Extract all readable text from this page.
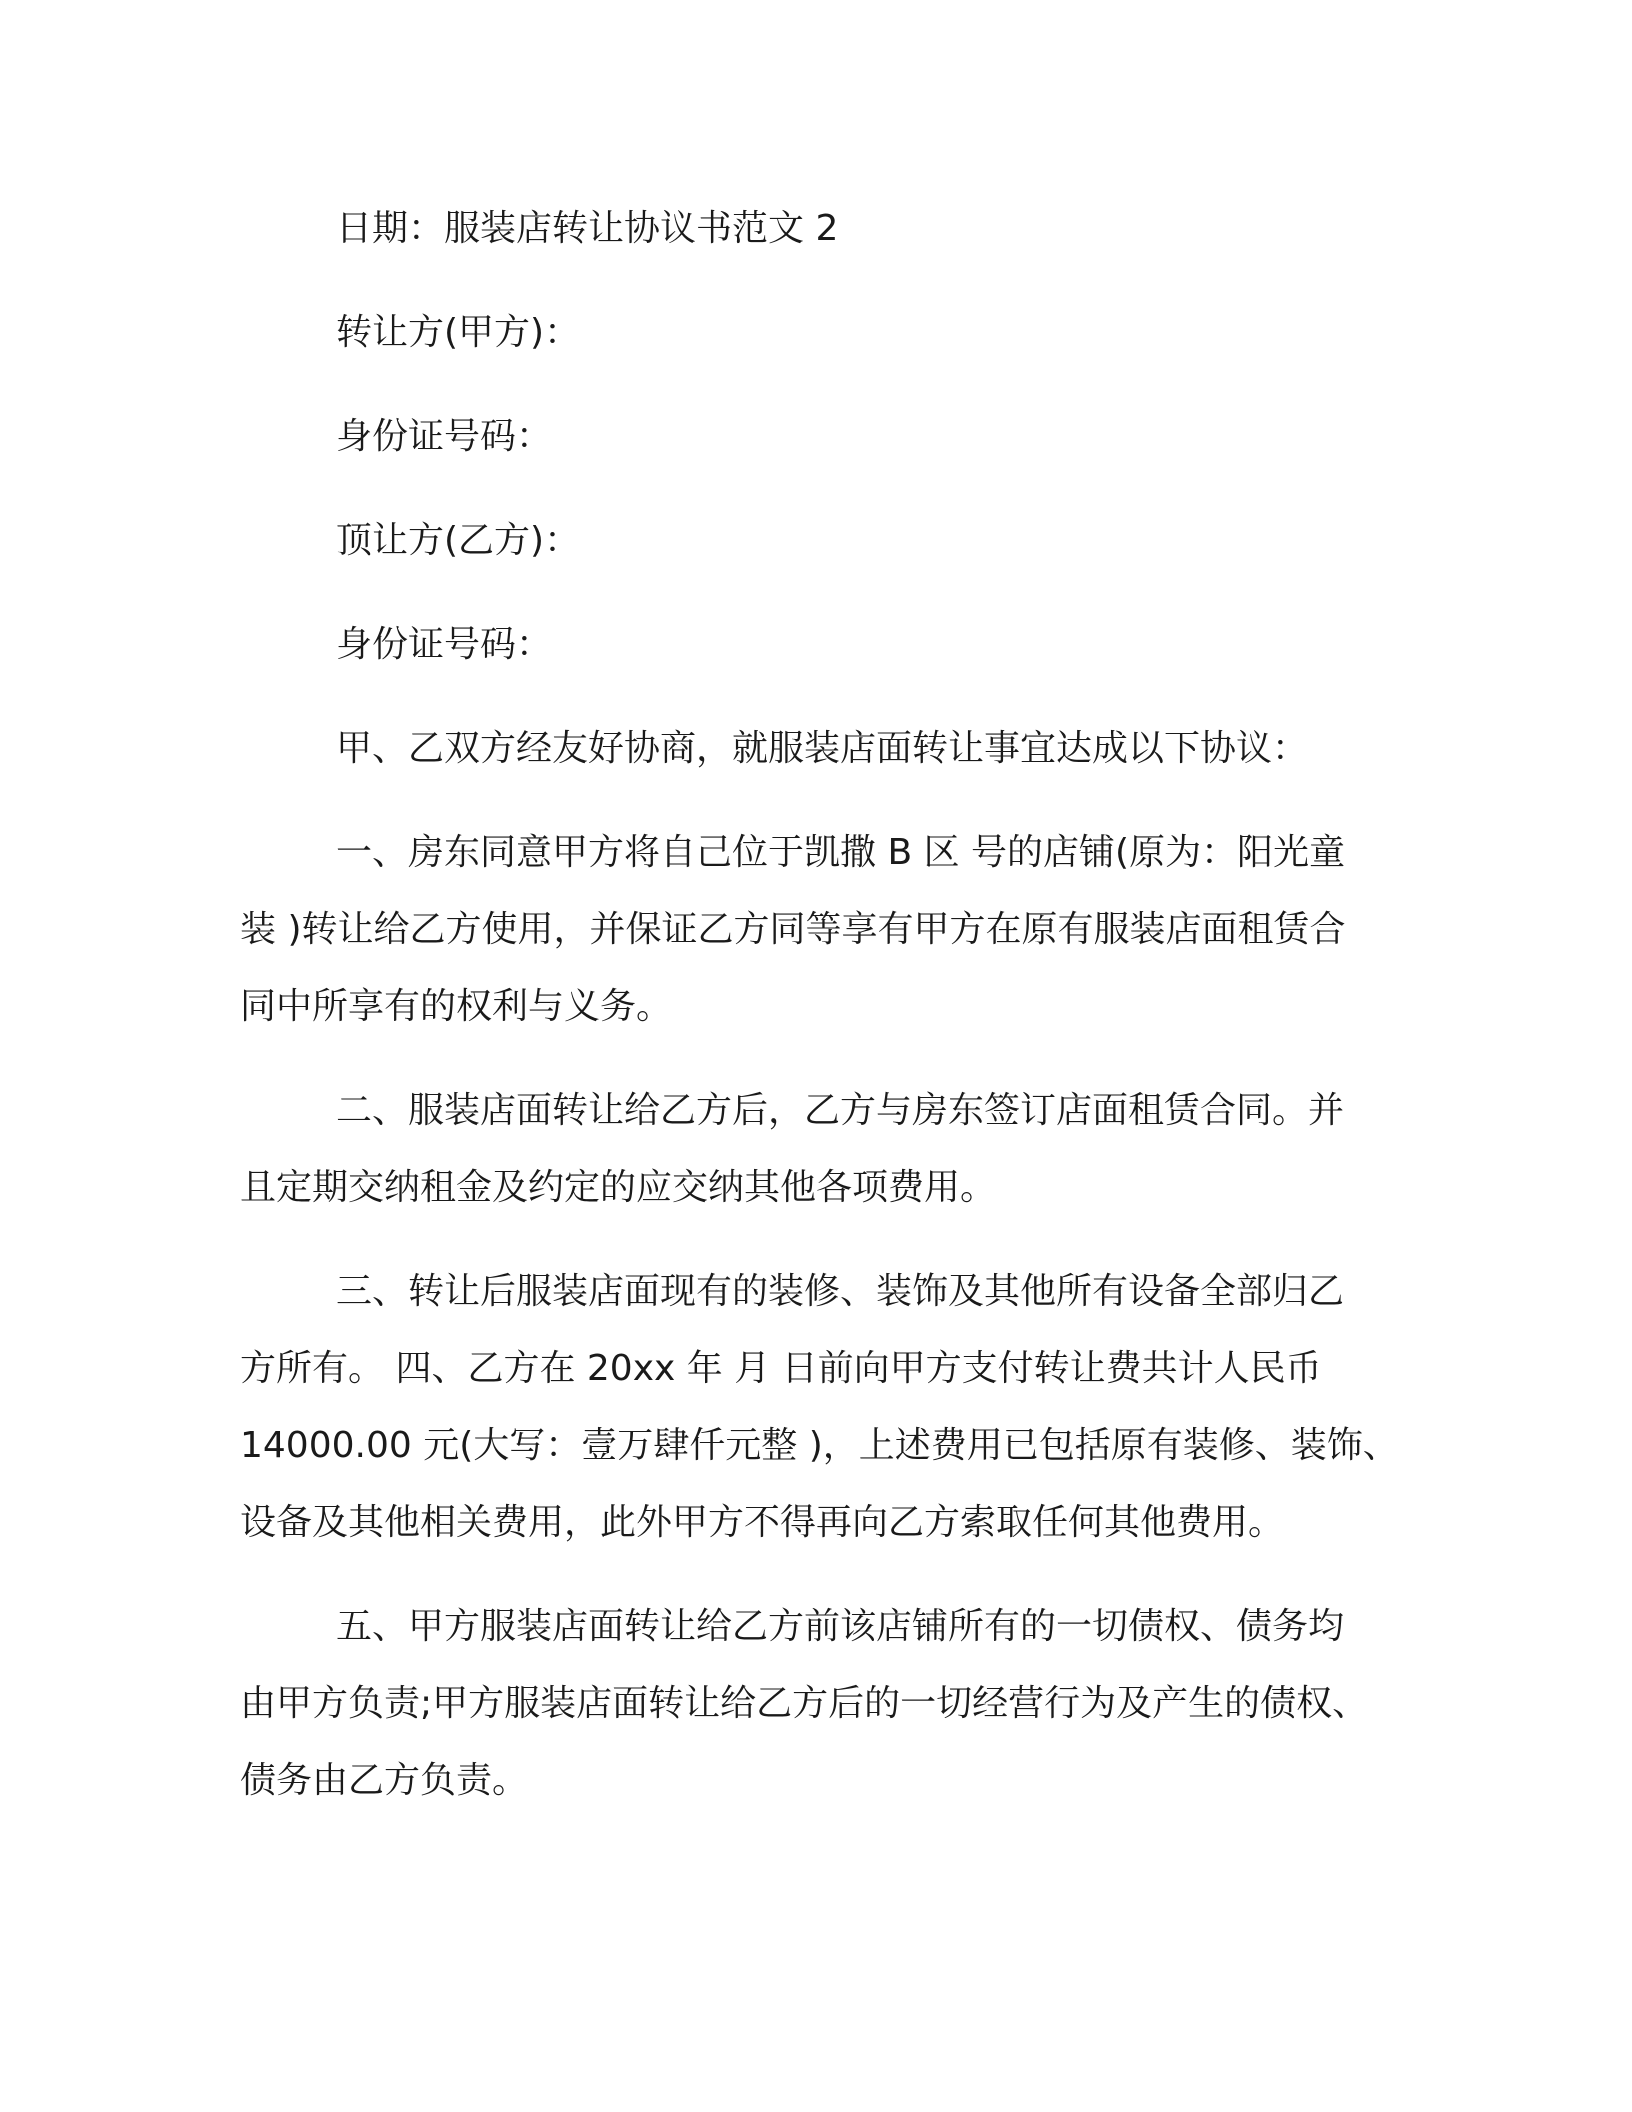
日期：服装店转让协议书范文 2

转让方(甲方)：

身份证号码：

顶让方(乙方)：

身份证号码：

甲、乙双方经友好协商，就服装店面转让事宜达成以下协议：

一、房东同意甲方将自己位于凯撒 B 区 号的店铺(原为：阳光童
装 )转让给乙方使用，并保证乙方同等享有甲方在原有服装店面租赁合
同中所享有的权利与义务。

二、服装店面转让给乙方后，乙方与房东签订店面租赁合同。并
且定期交纳租金及约定的应交纳其他各项费用。

三、转让后服装店面现有的装修、装饰及其他所有设备全部归乙
方所有。 四、乙方在 20xx 年 月 日前向甲方支付转让费共计人民币
14000.00 元(大写：壹万肆仟元整 )，上述费用已包括原有装修、装饰、
设备及其他相关费用，此外甲方不得再向乙方索取任何其他费用。

五、甲方服装店面转让给乙方前该店铺所有的一切债权、债务均
由甲方负责;甲方服装店面转让给乙方后的一切经营行为及产生的债权、
债务由乙方负责。
